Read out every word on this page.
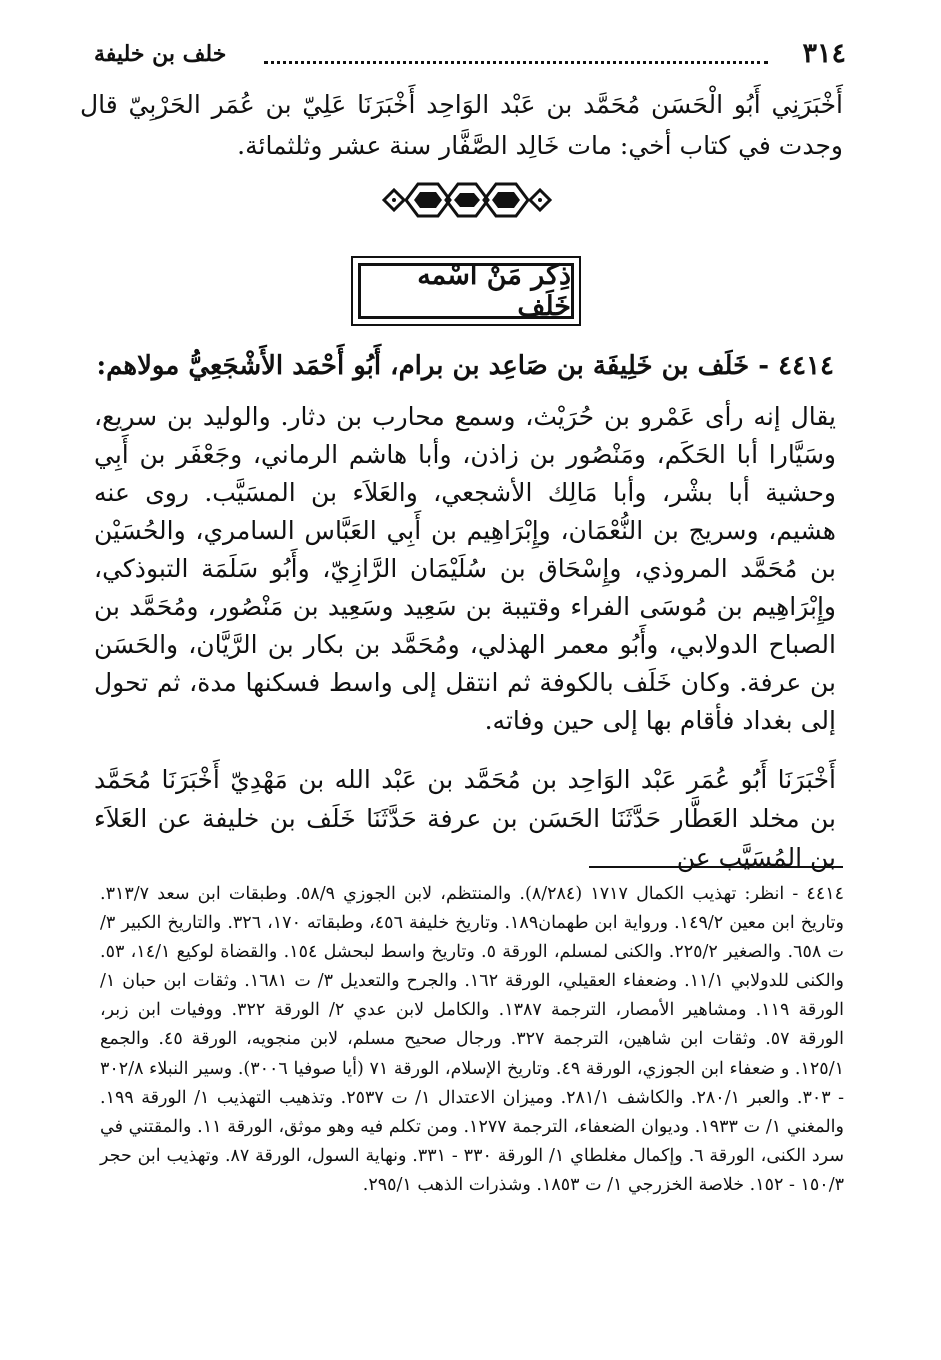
٣١٤
خلف بن خليفة
أَخْبَرَنِي أَبُو الْحَسَن مُحَمَّد بن عَبْد الوَاحِد أَخْبَرَنَا عَلِيّ بن عُمَر الحَرْبِيّ قال وجدت في كتاب أخي: مات خَالِد الصَّفَّار سنة عشر وثلثمائة.
ذِكر مَنْ اسْمه خَلَف
٤٤١٤ - خَلَف بن خَلِيفَة بن صَاعِد بن برام، أَبُو أَحْمَد الأَشْجَعِيُّ مولاهم:
يقال إنه رأى عَمْرو بن حُرَيْث، وسمع محارب بن دثار. والوليد بن سريع، وسَيَّارا أبا الحَكَم، ومَنْصُور بن زاذن، وأبا هاشم الرماني، وجَعْفَر بن أَبِي وحشية أبا بشْر، وأبا مَالِك الأشجعي، والعَلاَء بن المسَيَّب. روى عنه هشيم، وسريج بن النُّعْمَان، وإِبْرَاهِيم بن أَبِي العَبَّاس السامري، والحُسَيْن بن مُحَمَّد المروذي، وإِسْحَاق بن سُلَيْمَان الرَّازِيّ، وأَبُو سَلَمَة التبوذكي، وإِبْرَاهِيم بن مُوسَى الفراء وقتيبة بن سَعِيد وسَعِيد بن مَنْصُور، ومُحَمَّد بن الصباح الدولابي، وأَبُو معمر الهذلي، ومُحَمَّد بن بكار بن الرَّيَّان، والحَسَن بن عرفة. وكان خَلَف بالكوفة ثم انتقل إلى واسط فسكنها مدة، ثم تحول إلى بغداد فأقام بها إلى حين وفاته.
أَخْبَرَنَا أَبُو عُمَر عَبْد الوَاحِد بن مُحَمَّد بن عَبْد الله بن مَهْدِيّ أَخْبَرَنَا مُحَمَّد بن مخلد العَطَّار حَدَّثَنَا الحَسَن بن عرفة حَدَّثَنَا خَلَف بن خليفة عن العَلاَء بن المُسَيَّب عن
٤٤١٤ - انظر: تهذيب الكمال ١٧١٧ (٨/٢٨٤). والمنتظم، لابن الجوزي ٥٨/٩. وطبقات ابن سعد ٣١٣/٧. وتاريخ ابن معين ١٤٩/٢. ورواية ابن طهمان١٨٩. وتاريخ خليفة ٤٥٦، وطبقاته ١٧٠، ٣٢٦. والتاريخ الكبير ٣/ ت ٦٥٨. والصغير ٢٢٥/٢. والكنى لمسلم، الورقة ٥. وتاريخ واسط لبحشل ١٥٤. والقضاة لوكيع ١٤/١، ٥٣. والكنى للدولابي ١١/١. وضعفاء العقيلي، الورقة ١٦٢. والجرح والتعديل ٣/ ت ١٦٨١. وثقات ابن حبان ١/ الورقة ١١٩. ومشاهير الأمصار، الترجمة ١٣٨٧. والكامل لابن عدي ٢/ الورقة ٣٢٢. ووفيات ابن زبر، الورقة ٥٧. وثقات ابن شاهين، الترجمة ٣٢٧. ورجال صحيح مسلم، لابن منجويه، الورقة ٤٥. والجمع ١٢٥/١. و ضعفاء ابن الجوزي، الورقة ٤٩. وتاريخ الإسلام، الورقة ٧١ (أيا صوفيا ٣٠٠٦). وسير النبلاء ٣٠٢/٨ - ٣٠٣. والعبر ٢٨٠/١. والكاشف ٢٨١/١. وميزان الاعتدال ١/ ت ٢٥٣٧. وتذهيب التهذيب ١/ الورقة ١٩٩. والمغني ١/ ت ١٩٣٣. وديوان الضعفاء، الترجمة ١٢٧٧. ومن تكلم فيه وهو موثق، الورقة ١١. والمقتني في سرد الكنى، الورقة ٦. وإكمال مغلطاي ١/ الورقة ٣٣٠ - ٣٣١. ونهاية السول، الورقة ٨٧. وتهذيب ابن حجر ١٥٠/٣ - ١٥٢. خلاصة الخزرجي ١/ ت ١٨٥٣. وشذرات الذهب ٢٩٥/١.
